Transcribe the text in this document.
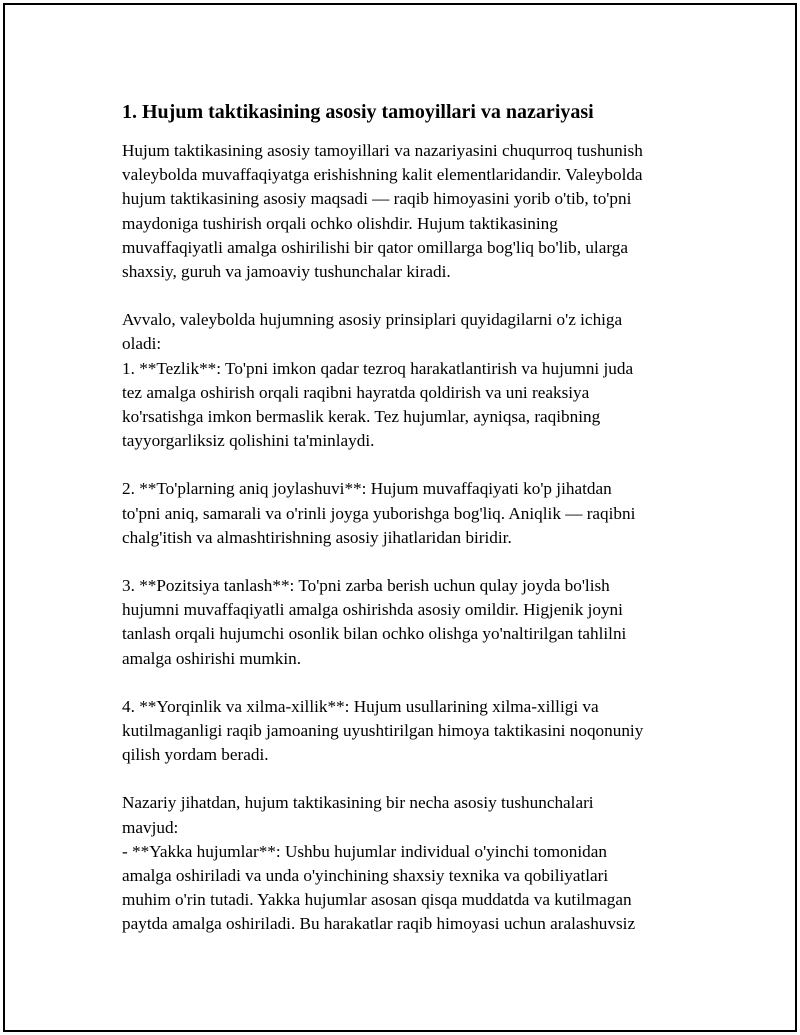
1. Hujum taktikasining asosiy tamoyillari va nazariyasi
Hujum taktikasining asosiy tamoyillari va nazariyasini chuqurroq tushunish
valeybolda muvaffaqiyatga erishishning kalit elementlaridandir. Valeybolda
hujum taktikasining asosiy maqsadi — raqib himoyasini yorib o'tib, to'pni
maydoniga tushirish orqali ochko olishdir. Hujum taktikasining
muvaffaqiyatli amalga oshirilishi bir qator omillarga bog'liq bo'lib, ularga
shaxsiy, guruh va jamoaviy tushunchalar kiradi.
Avvalo, valeybolda hujumning asosiy prinsiplari quyidagilarni o'z ichiga
oladi:
1. **Tezlik**: To'pni imkon qadar tezroq harakatlantirish va hujumni juda
tez amalga oshirish orqali raqibni hayratda qoldirish va uni reaksiya
ko'rsatishga imkon bermaslik kerak. Tez hujumlar, ayniqsa, raqibning
tayyorgarliksiz qolishini ta'minlaydi.
2. **To'plarning aniq joylashuvi**: Hujum muvaffaqiyati ko'p jihatdan
to'pni aniq, samarali va o'rinli joyga yuborishga bog'liq. Aniqlik — raqibni
chalg'itish va almashtirishning asosiy jihatlaridan biridir.
3. **Pozitsiya tanlash**: To'pni zarba berish uchun qulay joyda bo'lish
hujumni muvaffaqiyatli amalga oshirishda asosiy omildir. Higjenik joyni
tanlash orqali hujumchi osonlik bilan ochko olishga yo'naltirilgan tahlilni
amalga oshirishi mumkin.
4. **Yorqinlik va xilma-xillik**: Hujum usullarining xilma-xilligi va
kutilmaganligi raqib jamoaning uyushtirilgan himoya taktikasini noqonuniy
qilish yordam beradi.
Nazariy jihatdan, hujum taktikasining bir necha asosiy tushunchalari
mavjud:
- **Yakka hujumlar**: Ushbu hujumlar individual o'yinchi tomonidan
amalga oshiriladi va unda o'yinchining shaxsiy texnika va qobiliyatlari
muhim o'rin tutadi. Yakka hujumlar asosan qisqa muddatda va kutilmagan
paytda amalga oshiriladi. Bu harakatlar raqib himoyasi uchun aralashuvsiz
